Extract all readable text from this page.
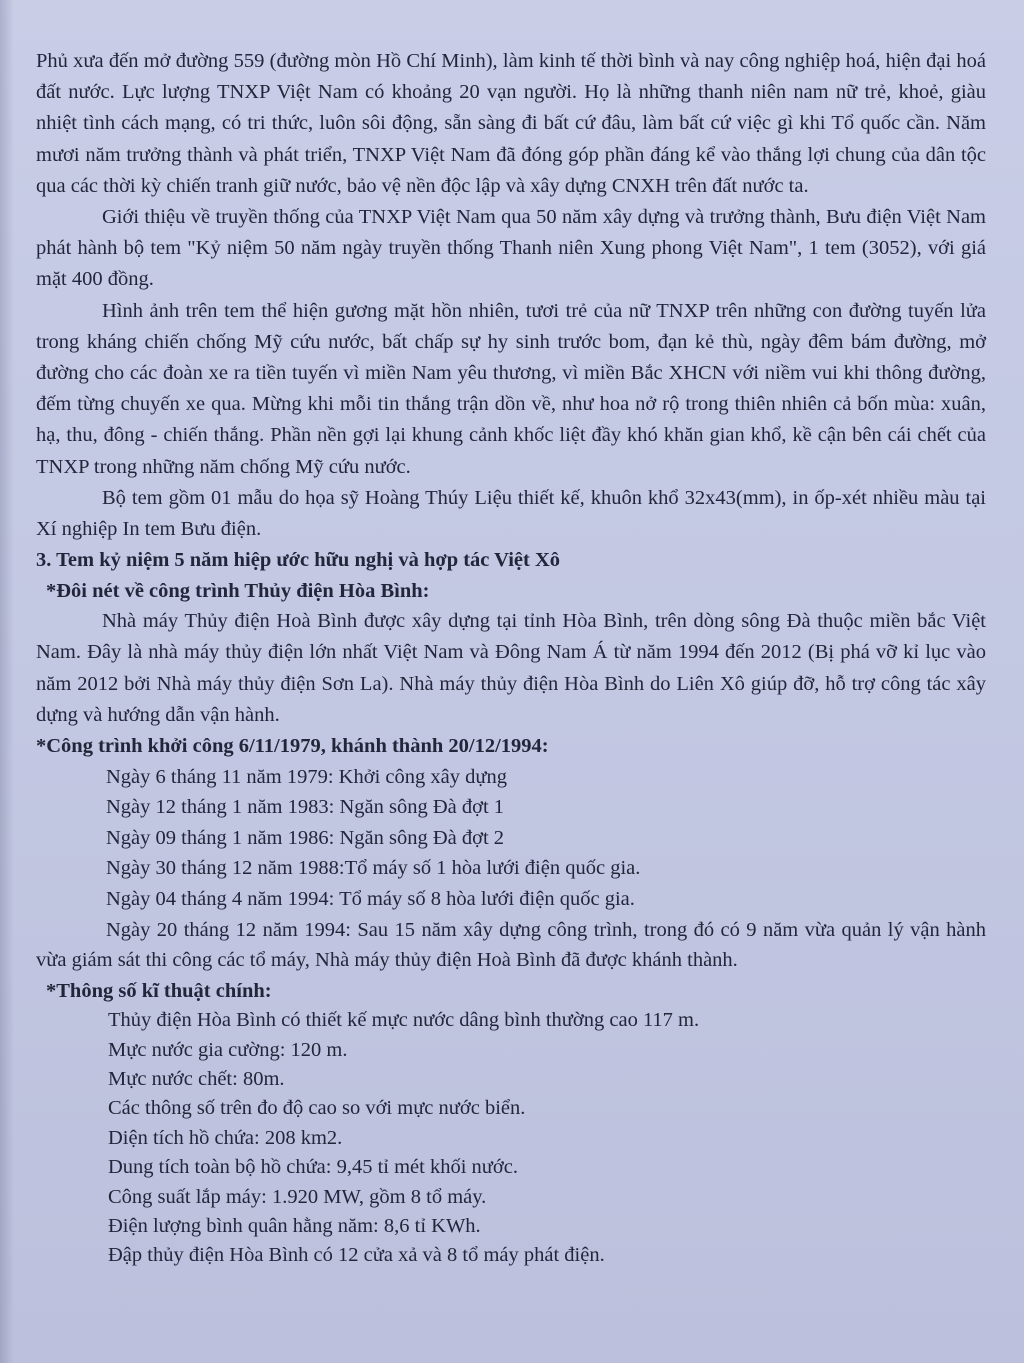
Phủ xưa đến mở đường 559 (đường mòn Hồ Chí Minh), làm kinh tế thời bình và nay công nghiệp hoá, hiện đại hoá đất nước. Lực lượng TNXP Việt Nam có khoảng 20 vạn người. Họ là những thanh niên nam nữ trẻ, khoẻ, giàu nhiệt tình cách mạng, có tri thức, luôn sôi động, sẵn sàng đi bất cứ đâu, làm bất cứ việc gì khi Tổ quốc cần. Năm mươi năm trưởng thành và phát triển, TNXP Việt Nam đã đóng góp phần đáng kể vào thắng lợi chung của dân tộc qua các thời kỳ chiến tranh giữ nước, bảo vệ nền độc lập và xây dựng CNXH trên đất nước ta.

Giới thiệu về truyền thống của TNXP Việt Nam qua 50 năm xây dựng và trưởng thành, Bưu điện Việt Nam phát hành bộ tem "Kỷ niệm 50 năm ngày truyền thống Thanh niên Xung phong Việt Nam", 1 tem (3052), với giá mặt 400 đồng.

Hình ảnh trên tem thể hiện gương mặt hồn nhiên, tươi trẻ của nữ TNXP trên những con đường tuyến lửa trong kháng chiến chống Mỹ cứu nước, bất chấp sự hy sinh trước bom, đạn kẻ thù, ngày đêm bám đường, mở đường cho các đoàn xe ra tiền tuyến vì miền Nam yêu thương, vì miền Bắc XHCN với niềm vui khi thông đường, đếm từng chuyến xe qua. Mừng khi mỗi tin thắng trận dồn về, như hoa nở rộ trong thiên nhiên cả bốn mùa: xuân, hạ, thu, đông - chiến thắng. Phần nền gợi lại khung cảnh khốc liệt đầy khó khăn gian khổ, kề cận bên cái chết của TNXP trong những năm chống Mỹ cứu nước.

Bộ tem gồm 01 mẫu do họa sỹ Hoàng Thúy Liệu thiết kế, khuôn khổ 32x43(mm), in ốp-xét nhiều màu tại Xí nghiệp In tem Bưu điện.

3. Tem kỷ niệm 5 năm hiệp ước hữu nghị và hợp tác Việt Xô
*Đôi nét về công trình Thủy điện Hòa Bình:

Nhà máy Thủy điện Hoà Bình được xây dựng tại tỉnh Hòa Bình, trên dòng sông Đà thuộc miền bắc Việt Nam. Đây là nhà máy thủy điện lớn nhất Việt Nam và Đông Nam Á từ năm 1994 đến 2012 (Bị phá vỡ kỉ lục vào năm 2012 bởi Nhà máy thủy điện Sơn La). Nhà máy thủy điện Hòa Bình do Liên Xô giúp đỡ, hỗ trợ công tác xây dựng và hướng dẫn vận hành.

*Công trình khởi công 6/11/1979, khánh thành 20/12/1994:
Ngày 6 tháng 11 năm 1979: Khởi công xây dựng
Ngày 12 tháng 1 năm 1983: Ngăn sông Đà đợt 1
Ngày 09 tháng 1 năm 1986: Ngăn sông Đà đợt 2
Ngày 30 tháng 12 năm 1988:Tổ máy số 1 hòa lưới điện quốc gia.
Ngày 04 tháng 4 năm 1994: Tổ máy số 8 hòa lưới điện quốc gia.

Ngày 20 tháng 12 năm 1994: Sau 15 năm xây dựng công trình, trong đó có 9 năm vừa quản lý vận hành vừa giám sát thi công các tổ máy, Nhà máy thủy điện Hoà Bình đã được khánh thành.

*Thông số kĩ thuật chính:
Thủy điện Hòa Bình có thiết kế mực nước dâng bình thường cao 117 m.
Mực nước gia cường: 120 m.
Mực nước chết: 80m.
Các thông số trên đo độ cao so với mực nước biển.
Diện tích hồ chứa: 208 km2.
Dung tích toàn bộ hồ chứa: 9,45 tỉ mét khối nước.
Công suất lắp máy: 1.920 MW, gồm 8 tổ máy.
Điện lượng bình quân hằng năm: 8,6 tỉ KWh.
Đập thủy điện Hòa Bình có 12 cửa xả và 8 tổ máy phát điện.
